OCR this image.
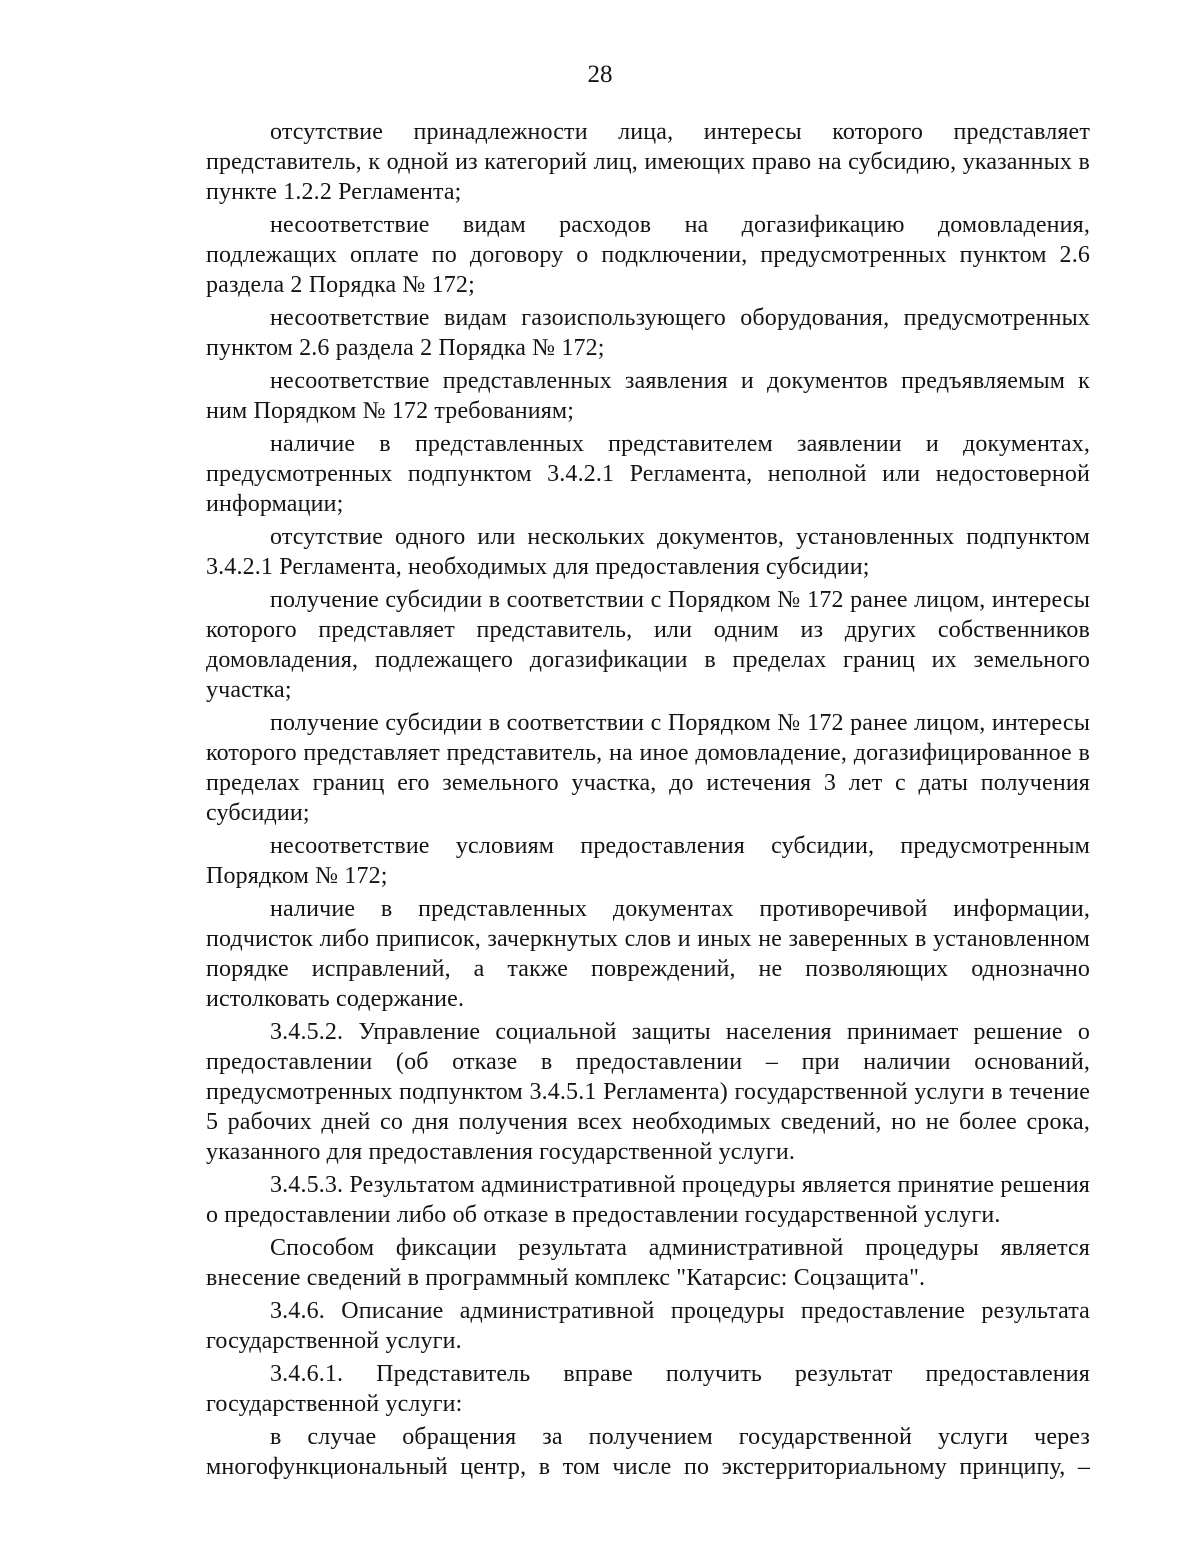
28

отсутствие принадлежности лица, интересы которого представляет представитель, к одной из категорий лиц, имеющих право на субсидию, указанных в пункте 1.2.2 Регламента;

несоответствие видам расходов на догазификацию домовладения, подлежащих оплате по договору о подключении, предусмотренных пунктом 2.6 раздела 2 Порядка № 172;

несоответствие видам газоиспользующего оборудования, предусмотренных пунктом 2.6 раздела 2 Порядка № 172;

несоответствие представленных заявления и документов предъявляемым к ним Порядком № 172 требованиям;

наличие в представленных представителем заявлении и документах, предусмотренных подпунктом 3.4.2.1 Регламента, неполной или недостоверной информации;

отсутствие одного или нескольких документов, установленных подпунктом 3.4.2.1 Регламента, необходимых для предоставления субсидии;

получение субсидии в соответствии с Порядком № 172 ранее лицом, интересы которого представляет представитель, или одним из других собственников домовладения, подлежащего догазификации в пределах границ их земельного участка;

получение субсидии в соответствии с Порядком № 172 ранее лицом, интересы которого представляет представитель, на иное домовладение, догазифицированное в пределах границ его земельного участка, до истечения 3 лет с даты получения субсидии;

несоответствие условиям предоставления субсидии, предусмотренным Порядком № 172;

наличие в представленных документах противоречивой информации, подчисток либо приписок, зачеркнутых слов и иных не заверенных в установленном порядке исправлений, а также повреждений, не позволяющих однозначно истолковать содержание.

3.4.5.2. Управление социальной защиты населения принимает решение о предоставлении (об отказе в предоставлении – при наличии оснований, предусмотренных подпунктом 3.4.5.1 Регламента) государственной услуги в течение 5 рабочих дней со дня получения всех необходимых сведений, но не более срока, указанного для предоставления государственной услуги.

3.4.5.3. Результатом административной процедуры является принятие решения о предоставлении либо об отказе в предоставлении государственной услуги.

Способом фиксации результата административной процедуры является внесение сведений в программный комплекс "Катарсис: Соцзащита".

3.4.6. Описание административной процедуры предоставление результата государственной услуги.

3.4.6.1. Представитель вправе получить результат предоставления государственной услуги:

в случае обращения за получением государственной услуги через многофункциональный центр, в том числе по экстерриториальному принципу, –
